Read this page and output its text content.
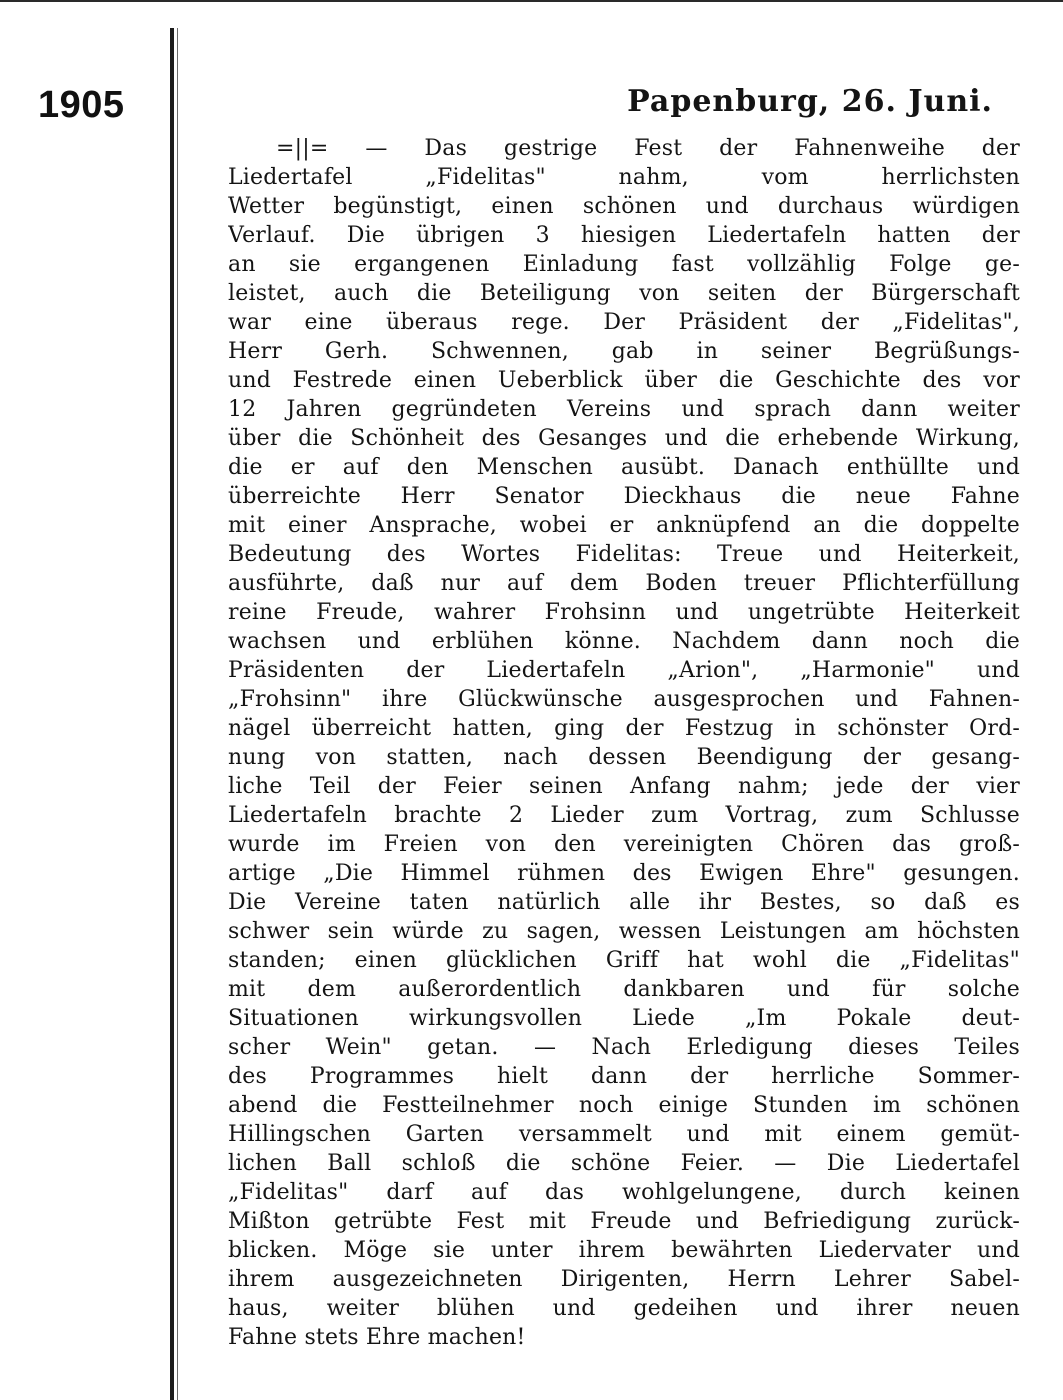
1905	Papenburg, 26. Juni.
=||= — Das gestrige Fest der Fahnenweihe der
Liedertafel „Fidelitas" nahm, vom herrlichsten
Wetter begünstigt, einen schönen und durchaus würdigen
Verlauf. Die übrigen 3 hiesigen Liedertafeln hatten der
an sie ergangenen Einladung fast vollzählig Folge ge-
leistet, auch die Beteiligung von seiten der Bürgerschaft
war eine überaus rege. Der Präsident der „Fidelitas",
Herr Gerh. Schwennen, gab in seiner Begrüßungs-
und Festrede einen Ueberblick über die Geschichte des vor
12 Jahren gegründeten Vereins und sprach dann weiter
über die Schönheit des Gesanges und die erhebende Wirkung,
die er auf den Menschen ausübt. Danach enthüllte und
überreichte Herr Senator Dieckhaus die neue Fahne
mit einer Ansprache, wobei er anknüpfend an die doppelte
Bedeutung des Wortes Fidelitas: Treue und Heiterkeit,
ausführte, daß nur auf dem Boden treuer Pflichterfüllung
reine Freude, wahrer Frohsinn und ungetrübte Heiterkeit
wachsen und erblühen könne. Nachdem dann noch die
Präsidenten der Liedertafeln „Arion", „Harmonie" und
„Frohsinn" ihre Glückwünsche ausgesprochen und Fahnen-
nägel überreicht hatten, ging der Festzug in schönster Ord-
nung von statten, nach dessen Beendigung der gesang-
liche Teil der Feier seinen Anfang nahm; jede der vier
Liedertafeln brachte 2 Lieder zum Vortrag, zum Schlusse
wurde im Freien von den vereinigten Chören das groß-
artige „Die Himmel rühmen des Ewigen Ehre" gesungen.
Die Vereine taten natürlich alle ihr Bestes, so daß es
schwer sein würde zu sagen, wessen Leistungen am höchsten
standen; einen glücklichen Griff hat wohl die „Fidelitas"
mit dem außerordentlich dankbaren und für solche
Situationen wirkungsvollen Liede „Im Pokale deut-
scher Wein" getan. — Nach Erledigung dieses Teiles
des Programmes hielt dann der herrliche Sommer-
abend die Festteilnehmer noch einige Stunden im schönen
Hillingschen Garten versammelt und mit einem gemüt-
lichen Ball schloß die schöne Feier. — Die Liedertafel
„Fidelitas" darf auf das wohlgelungene, durch keinen
Mißton getrübte Fest mit Freude und Befriedigung zurück-
blicken. Möge sie unter ihrem bewährten Liedervater und
ihrem ausgezeichneten Dirigenten, Herrn Lehrer Sabel-
haus, weiter blühen und gedeihen und ihrer neuen
Fahne stets Ehre machen!
